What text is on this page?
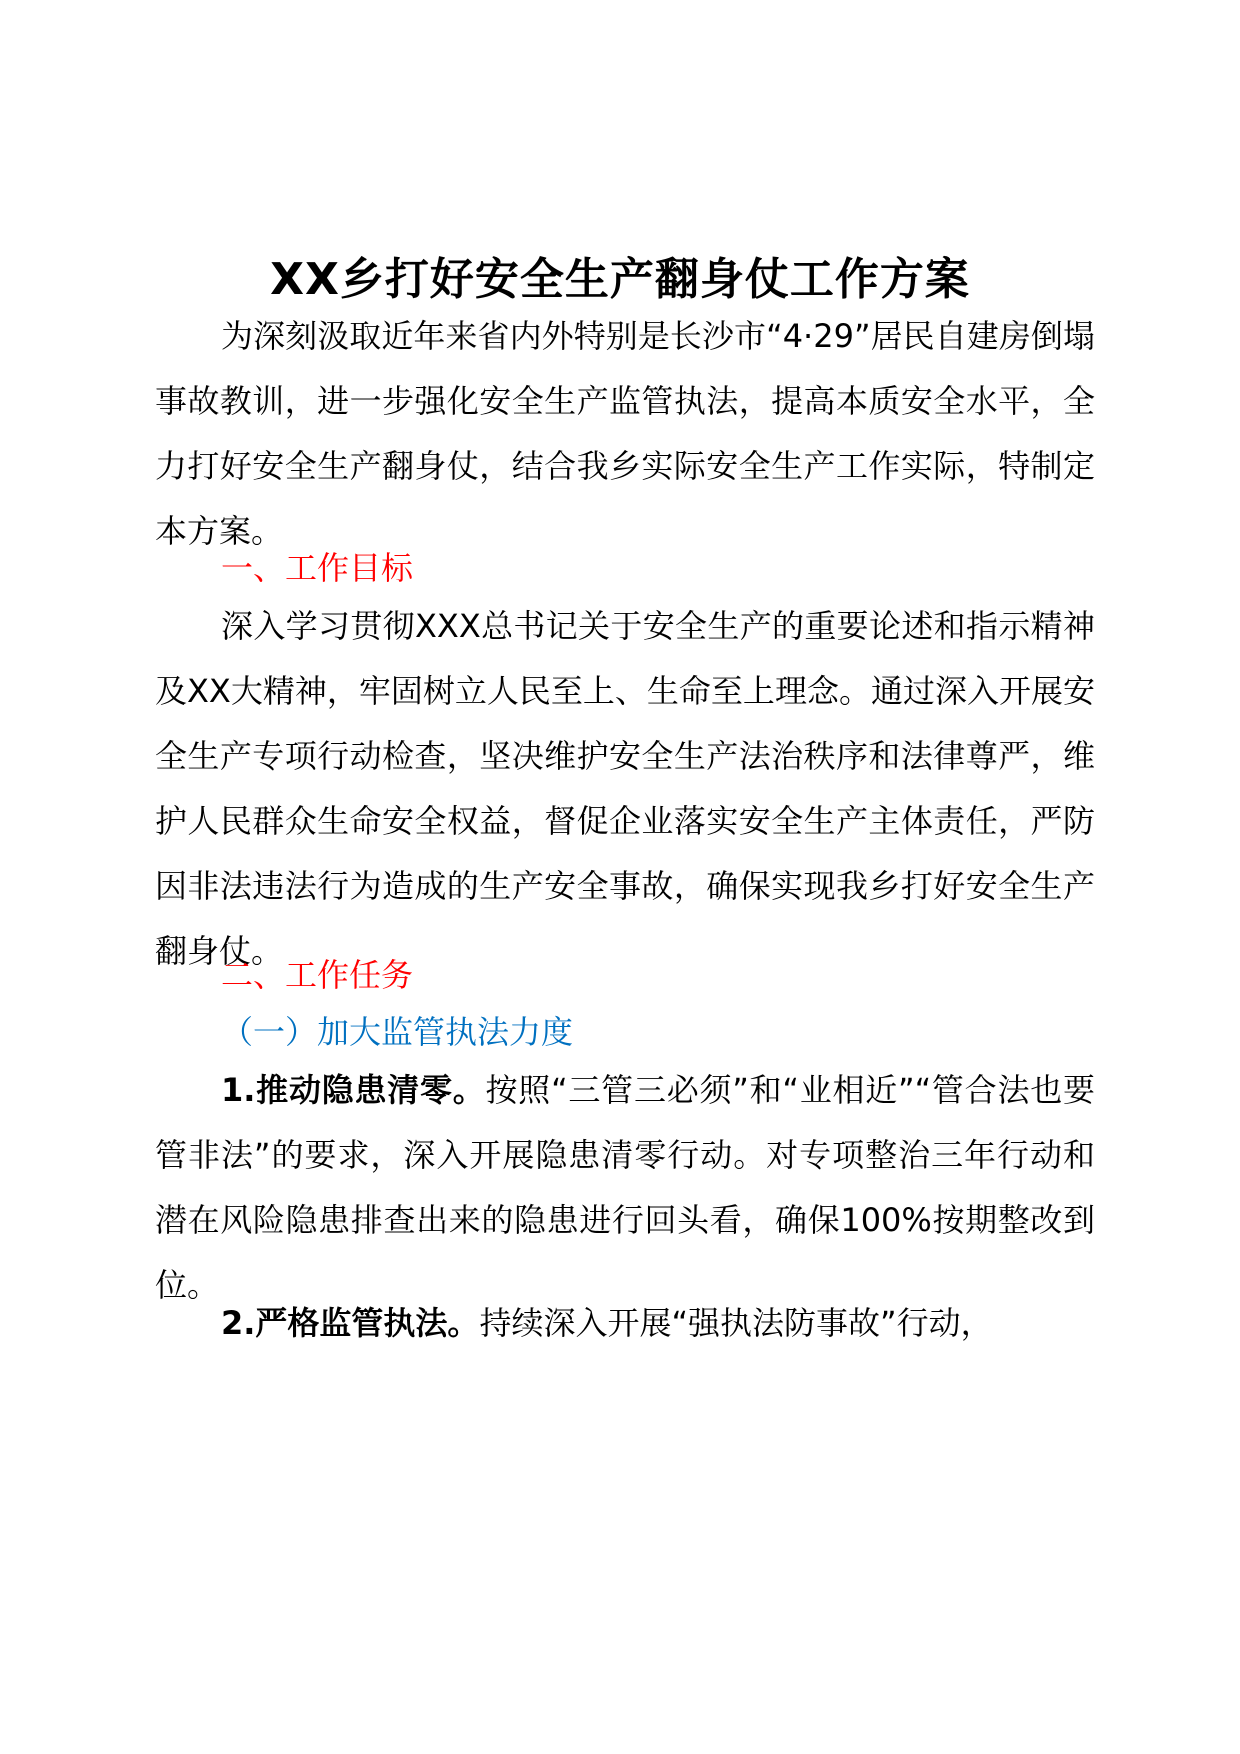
XX乡打好安全生产翻身仗工作方案

为深刻汲取近年来省内外特别是长沙市“4·29”居民自建房倒塌事故教训，进一步强化安全生产监管执法，提高本质安全水平，全力打好安全生产翻身仗，结合我乡实际安全生产工作实际，特制定本方案。

一、工作目标

深入学习贯彻XXX总书记关于安全生产的重要论述和指示精神及XX大精神，牢固树立人民至上、生命至上理念。通过深入开展安全生产专项行动检查，坚决维护安全生产法治秩序和法律尊严，维护人民群众生命安全权益，督促企业落实安全生产主体责任，严防因非法违法行为造成的生产安全事故，确保实现我乡打好安全生产翻身仗。

二、工作任务

（一）加大监管执法力度

1.推动隐患清零。按照“三管三必须”和“业相近”“管合法也要管非法”的要求，深入开展隐患清零行动。对专项整治三年行动和潜在风险隐患排查出来的隐患进行回头看，确保100%按期整改到位。

2.严格监管执法。持续深入开展“强执法防事故”行动，
